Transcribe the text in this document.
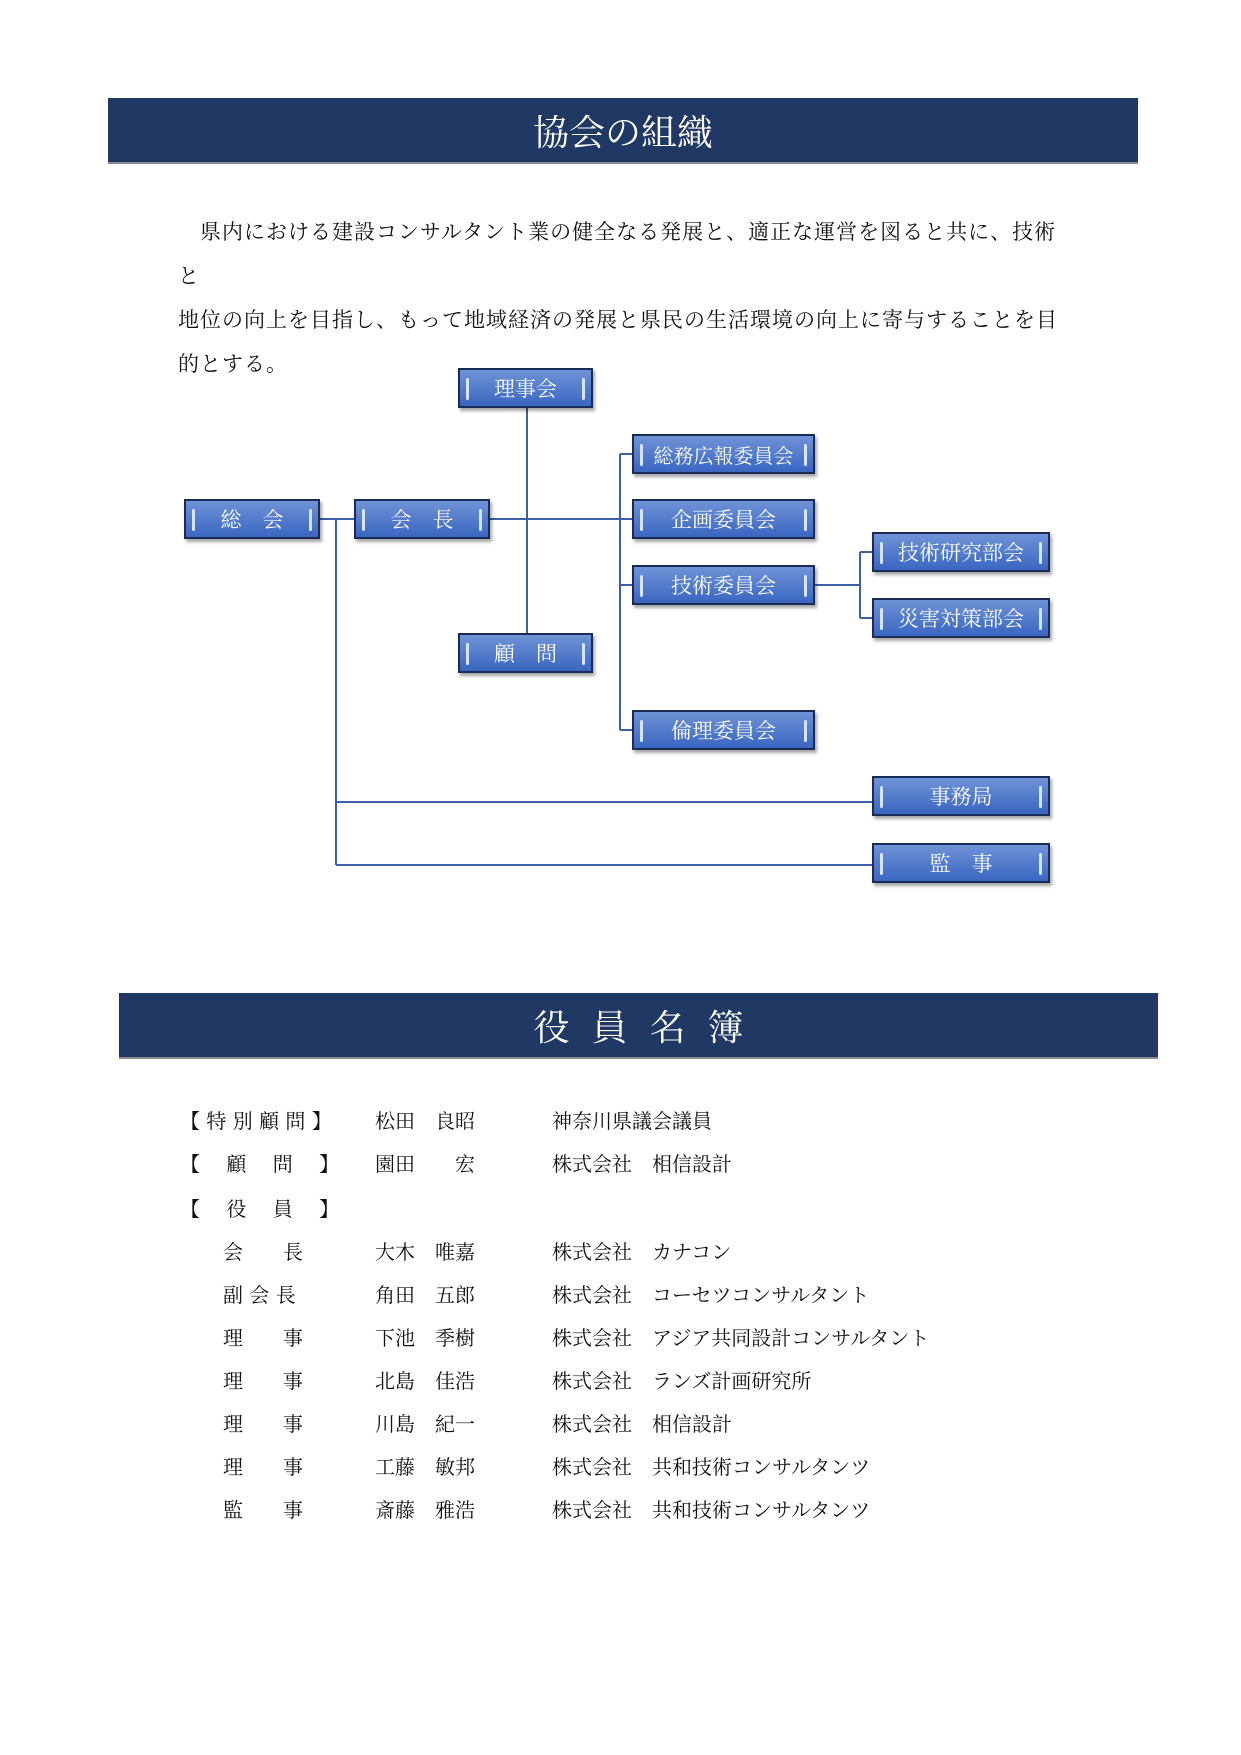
協会の組織

県内における建設コンサルタント業の健全なる発展と、適正な運営を図ると共に、技術と
地位の向上を目指し、もって地域経済の発展と県民の生活環境の向上に寄与することを目
的とする。

理事会
総　会	会　長
顧　問
総務広報委員会
企画委員会
技術委員会
倫理委員会
技術研究部会
災害対策部会
事務局
監　事
役員名簿
【 特 別 顧 問 】 松田　良昭	神奈川県議会議員
【　 顧　 問　 】 園田　　宏	株式会社　相信設計
【　 役　 員　 】
会　　長	大木　唯嘉	株式会社　カナコン
副 会 長	角田　五郎	株式会社　コーセツコンサルタント
理　　事	下池　季樹	株式会社　アジア共同設計コンサルタント
理　　事	北島　佳浩	株式会社　ランズ計画研究所
理　　事	川島　紀一	株式会社　相信設計
理　　事	工藤　敏邦	株式会社　共和技術コンサルタンツ
監　　事	斎藤　雅浩	株式会社　共和技術コンサルタンツ
